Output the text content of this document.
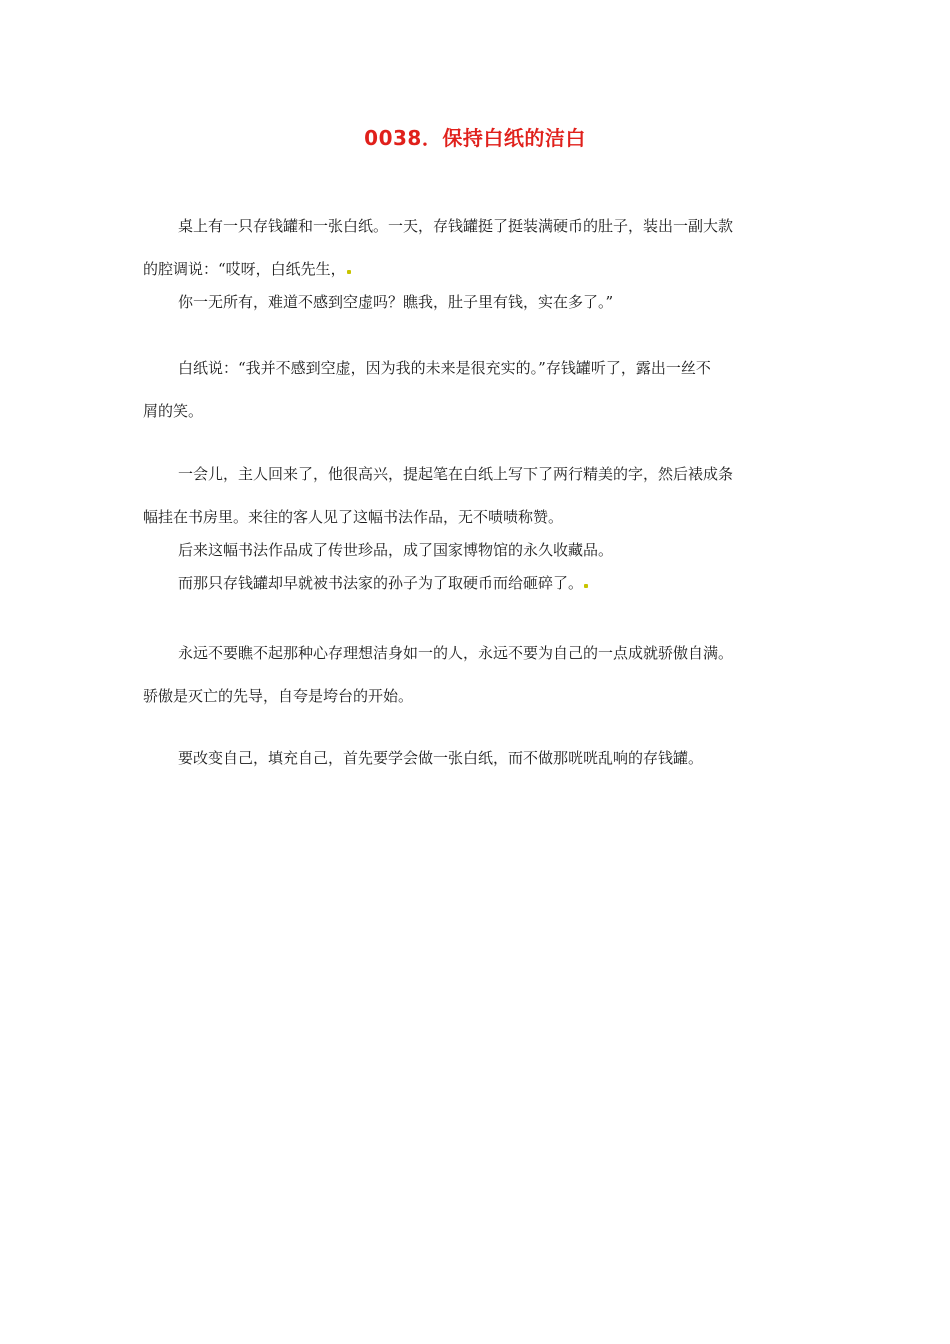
0038．保持白纸的洁白
桌上有一只存钱罐和一张白纸。一天，存钱罐挺了挺装满硬币的肚子，装出一副大款
的腔调说：“哎呀，白纸先生，
你一无所有，难道不感到空虚吗？瞧我，肚子里有钱，实在多了。”
白纸说：“我并不感到空虚，因为我的未来是很充实的。”存钱罐听了，露出一丝不
屑的笑。
一会儿，主人回来了，他很高兴，提起笔在白纸上写下了两行精美的字，然后裱成条
幅挂在书房里。来往的客人见了这幅书法作品，无不啧啧称赞。
后来这幅书法作品成了传世珍品，成了国家博物馆的永久收藏品。
而那只存钱罐却早就被书法家的孙子为了取硬币而给砸碎了。
永远不要瞧不起那种心存理想洁身如一的人，永远不要为自己的一点成就骄傲自满。
骄傲是灭亡的先导，自夸是垮台的开始。
要改变自己，填充自己，首先要学会做一张白纸，而不做那咣咣乱响的存钱罐。
